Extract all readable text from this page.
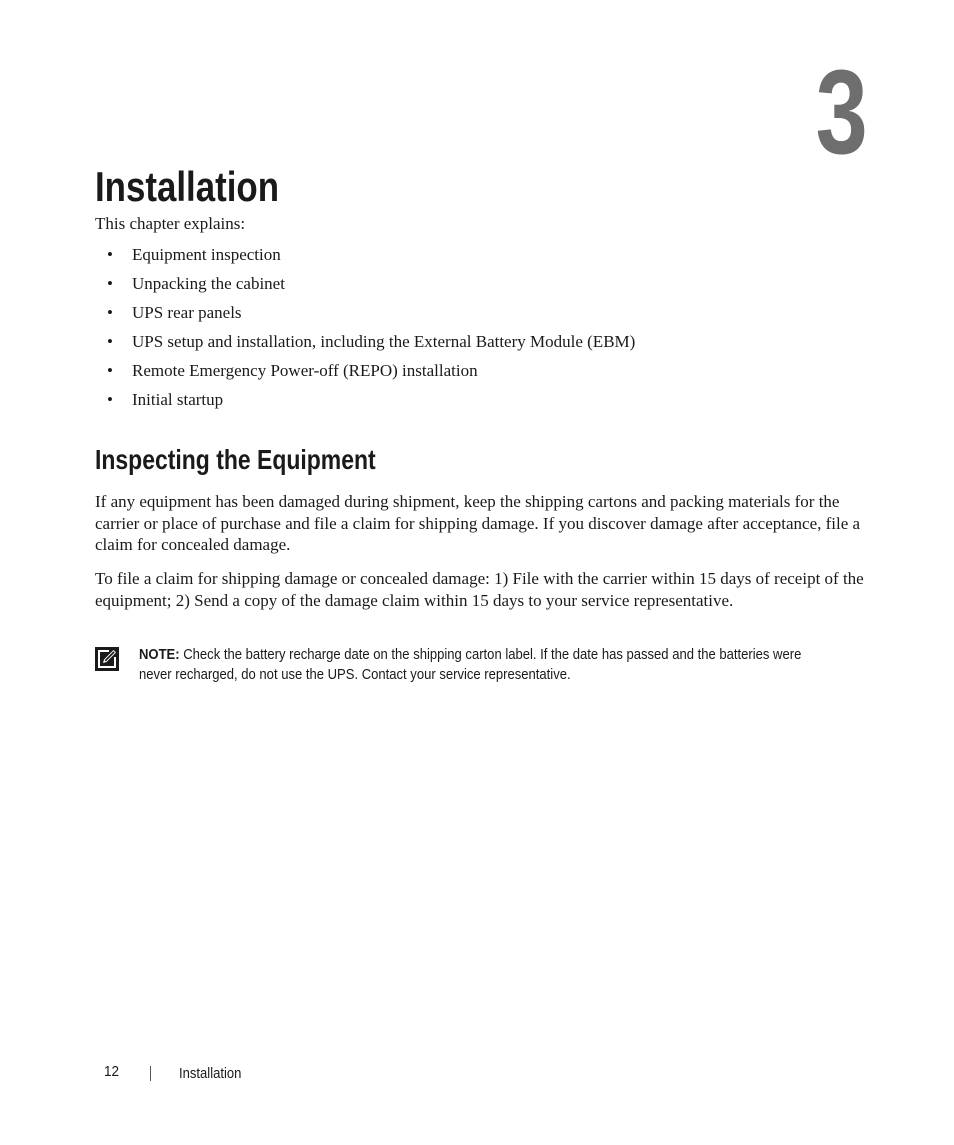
3
Installation

This chapter explains:

• Equipment inspection
• Unpacking the cabinet
• UPS rear panels
• UPS setup and installation, including the External Battery Module (EBM)
• Remote Emergency Power-off (REPO) installation
• Initial startup
Inspecting the Equipment

If any equipment has been damaged during shipment, keep the shipping cartons and packing materials for the carrier or place of purchase and file a claim for shipping damage. If you discover damage after acceptance, file a claim for concealed damage.

To file a claim for shipping damage or concealed damage: 1) File with the carrier within 15 days of receipt of the equipment; 2) Send a copy of the damage claim within 15 days to your service representative.

NOTE: Check the battery recharge date on the shipping carton label. If the date has passed and the batteries were never recharged, do not use the UPS. Contact your service representative.

12	Installation
